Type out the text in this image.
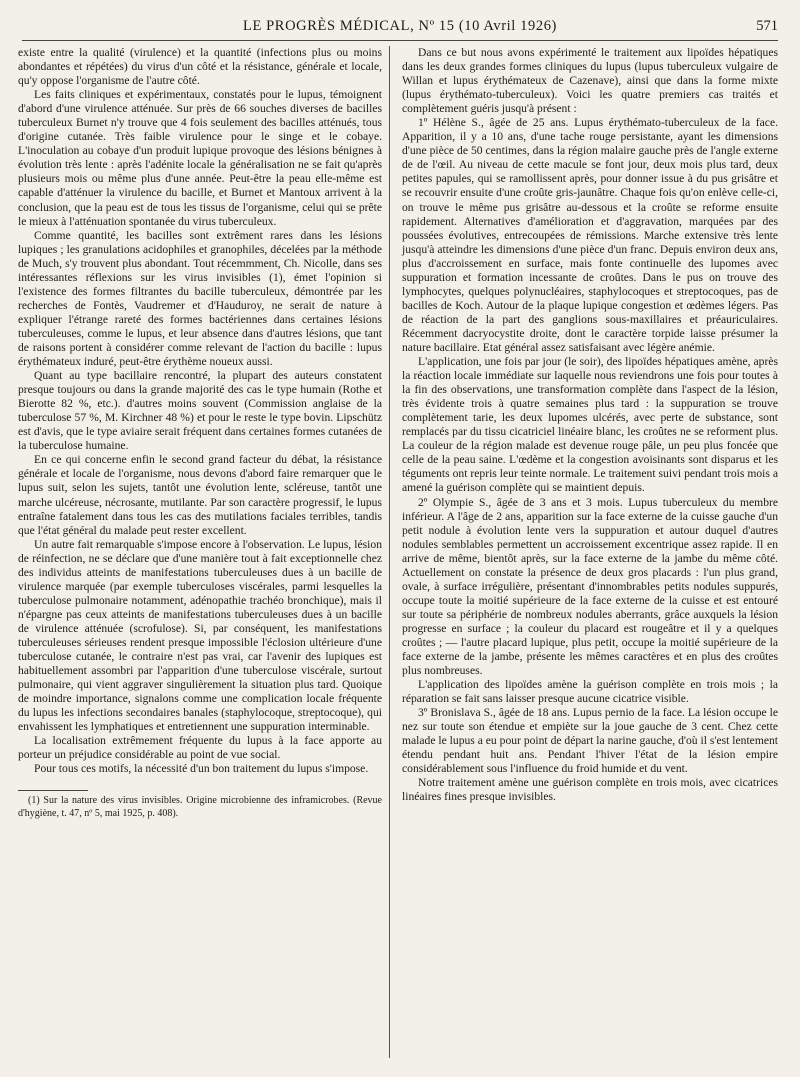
LE PROGRÈS MÉDICAL, Nº 15 (10 Avril 1926)	571

existe entre la qualité (virulence) et la quantité (infections plus ou moins abondantes et répétées) du virus d'un côté et la résistance, générale et locale, qu'y oppose l'organisme de l'autre côté.

Les faits cliniques et expérimentaux, constatés pour le lupus, témoignent d'abord d'une virulence atténuée. Sur près de 66 souches diverses de bacilles tuberculeux Burnet n'y trouve que 4 fois seulement des bacilles atténués, tous d'origine cutanée. Très faible virulence pour le singe et le cobaye. L'inoculation au cobaye d'un produit lupique provoque des lésions bénignes à évolution très lente : après l'adénite locale la généralisation ne se fait qu'après plusieurs mois ou même plus d'une année. Peut-être la peau elle-même est capable d'atténuer la virulence du bacille, et Burnet et Mantoux arrivent à la conclusion, que la peau est de tous les tissus de l'organisme, celui qui se prête le mieux à l'atténuation spontanée du virus tuberculeux.

Comme quantité, les bacilles sont extrêment rares dans les lésions lupiques ; les granulations acidophiles et granophiles, décelées par la méthode de Much, s'y trouvent plus abondant. Tout récemmment, Ch. Nicolle, dans ses intéressantes réflexions sur les virus invisibles (1), émet l'opinion si l'existence des formes filtrantes du bacille tuberculeux, démontrée par les recherches de Fontès, Vaudremer et d'Hauduroy, ne serait de nature à expliquer l'étrange rareté des formes bactériennes dans certaines lésions tuberculeuses, comme le lupus, et leur absence dans d'autres lésions, que tant de raisons portent à considérer comme relevant de l'action du bacille : lupus érythémateux induré, peut-être érythème noueux aussi.

Quant au type bacillaire rencontré, la plupart des auteurs constatent presque toujours ou dans la grande majorité des cas le type humain (Rothe et Bierotte 82 %, etc.). d'autres moins souvent (Commission anglaise de la tuberculose 57 %, M. Kirchner 48 %) et pour le reste le type bovin. Lipschütz est d'avis, que le type aviaire serait fréquent dans certaines formes cutanées de la tuberculose humaine.

En ce qui concerne enfin le second grand facteur du débat, la résistance générale et locale de l'organisme, nous devons d'abord faire remarquer que le lupus suit, selon les sujets, tantôt une évolution lente, scléreuse, tantôt une marche ulcéreuse, nécrosante, mutilante. Par son caractère progressif, le lupus entraîne fatalement dans tous les cas des mutilations faciales terribles, tandis que l'état général du malade peut rester excellent.

Un autre fait remarquable s'impose encore à l'observation. Le lupus, lésion de réinfection, ne se déclare que d'une manière tout à fait exceptionnelle chez des individus atteints de manifestations tuberculeuses dues à un bacille de virulence marquée (par exemple tuberculoses viscérales, parmi lesquelles la tuberculose pulmonaire notamment, adénopathie trachéo bronchique), mais il n'épargne pas ceux atteints de manifestations tuberculeuses dues à un bacille de virulence atténuée (scrofulose). Si, par conséquent, les manifestations tuberculeuses sérieuses rendent presque impossible l'éclosion ultérieure d'une tuberculose cutanée, le contraire n'est pas vrai, car l'avenir des lupiques est habituellement assombri par l'apparition d'une tuberculose viscérale, surtout pulmonaire, qui vient aggraver singulièrement la situation plus tard. Quoique de moindre importance, signalons comme une complication locale fréquente du lupus les infections secondaires banales (staphylocoque, streptocoque), qui envahissent les lymphatiques et entretiennent une suppuration interminable.

La localisation extrêmement fréquente du lupus à la face apporte au porteur un préjudice considérable au point de vue social.

Pour tous ces motifs, la nécessité d'un bon traitement du lupus s'impose.

(1) Sur la nature des virus invisibles. Origine microbienne des inframicrobes. (Revue d'hygiène, t. 47, nº 5, mai 1925, p. 408).

Dans ce but nous avons expérimenté le traitement aux lipoïdes hépatiques dans les deux grandes formes cliniques du lupus (lupus tuberculeux vulgaire de Willan et lupus érythémateux de Cazenave), ainsi que dans la forme mixte (lupus érythémato-tuberculeux). Voici les quatre premiers cas traités et complètement guéris jusqu'à présent :

1º Hélène S., âgée de 25 ans. Lupus érythémato-tuberculeux de la face. Apparition, il y a 10 ans, d'une tache rouge persistante, ayant les dimensions d'une pièce de 50 centimes, dans la région malaire gauche près de l'angle externe de de l'œil. Au niveau de cette macule se font jour, deux mois plus tard, deux petites papules, qui se ramollissent après, pour donner issue à du pus grisâtre et se recouvrir ensuite d'une croûte gris-jaunâtre. Chaque fois qu'on enlève celle-ci, on trouve le même pus grisâtre au-dessous et la croûte se reforme ensuite rapidement. Alternatives d'amélioration et d'aggravation, marquées par des poussées évolutives, entrecoupées de rémissions. Marche extensive très lente jusqu'à atteindre les dimensions d'une pièce d'un franc. Depuis environ deux ans, plus d'accroissement en surface, mais fonte continuelle des lupomes avec suppuration et formation incessante de croûtes. Dans le pus on trouve des lymphocytes, quelques polynucléaires, staphylocoques et streptocoques, pas de bacilles de Koch. Autour de la plaque lupique congestion et œdèmes légers. Pas de réaction de la part des ganglions sous-maxillaires et préauriculaires. Récemment dacryocystite droite, dont le caractère torpide laisse présumer la nature bacillaire. Etat général assez satisfaisant avec légère anémie.

L'application, une fois par jour (le soir), des lipoïdes hépatiques amène, après la réaction locale immédiate sur laquelle nous reviendrons une fois pour toutes à la fin des observations, une transformation complète dans l'aspect de la lésion, très évidente trois à quatre semaines plus tard : la suppuration se trouve complètement tarie, les deux lupomes ulcérés, avec perte de substance, sont remplacés par du tissu cicatriciel linéaire blanc, les croûtes ne se reforment plus. La couleur de la région malade est devenue rouge pâle, un peu plus foncée que celle de la peau saine. L'œdème et la congestion avoisinants sont disparus et les téguments ont repris leur teinte normale. Le traitement suivi pendant trois mois a amené la guérison complète qui se maintient depuis.

2º Olympie S., âgée de 3 ans et 3 mois. Lupus tuberculeux du membre inférieur. A l'âge de 2 ans, apparition sur la face externe de la cuisse gauche d'un petit nodule à évolution lente vers la suppuration et autour duquel d'autres nodules semblables permettent un accroissement excentrique assez rapide. Il en arrive de même, bientôt après, sur la face externe de la jambe du même côté. Actuellement on constate la présence de deux gros placards : l'un plus grand, ovale, à surface irrégulière, présentant d'innombrables petits nodules suppurés, occupe toute la moitié supérieure de la face externe de la cuisse et est entouré sur toute sa périphérie de nombreux nodules aberrants, grâce auxquels la lésion progresse en surface ; la couleur du placard est rougeâtre et il y a quelques croûtes ; — l'autre placard lupique, plus petit, occupe la moitié supérieure de la face externe de la jambe, présente les mêmes caractères et en plus des croûtes plus nombreuses.

L'application des lipoïdes amène la guérison complète en trois mois ; la réparation se fait sans laisser presque aucune cicatrice visible.

3º Bronislava S., âgée de 18 ans. Lupus pernio de la face. La lésion occupe le nez sur toute son étendue et empiète sur la joue gauche de 3 cent. Chez cette malade le lupus a eu pour point de départ la narine gauche, d'où il s'est lentement étendu pendant huit ans. Pendant l'hiver l'état de la lésion empire considérablement sous l'influence du froid humide et du vent.

Notre traitement amène une guérison complète en trois mois, avec cicatrices linéaires fines presque invisibles.
